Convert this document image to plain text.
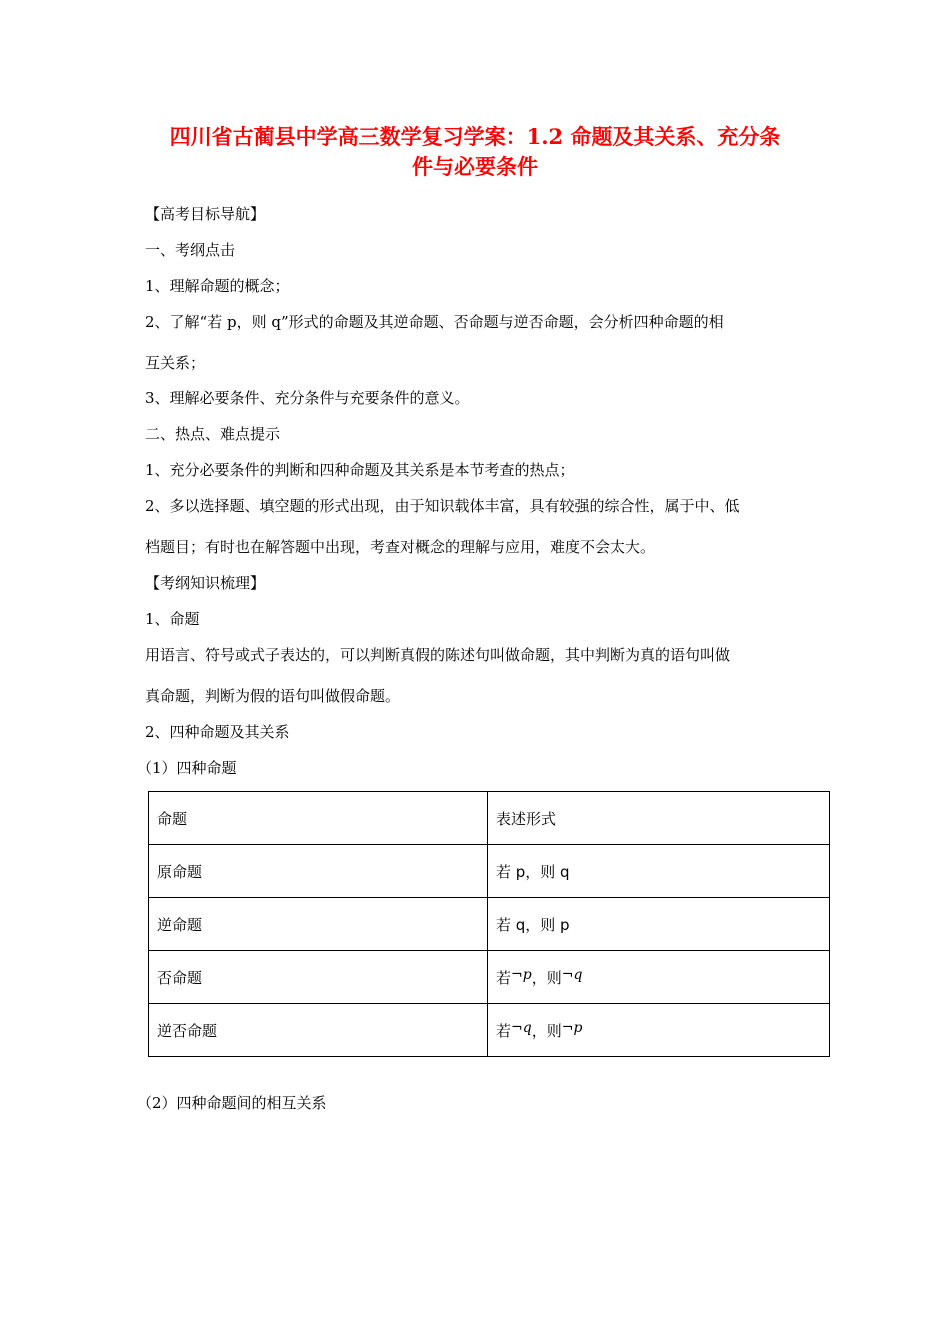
四川省古蔺县中学高三数学复习学案：1.2 命题及其关系、充分条
件与必要条件
【高考目标导航】
一、考纲点击
1、理解命题的概念；
2、了解“若 p，则 q”形式的命题及其逆命题、否命题与逆否命题，会分析四种命题的相
互关系；
3、理解必要条件、充分条件与充要条件的意义。
二、热点、难点提示
1、充分必要条件的判断和四种命题及其关系是本节考查的热点；
2、多以选择题、填空题的形式出现，由于知识载体丰富，具有较强的综合性，属于中、低
档题目；有时也在解答题中出现，考查对概念的理解与应用，难度不会太大。
【考纲知识梳理】
1、命题
用语言、符号或式子表达的，可以判断真假的陈述句叫做命题，其中判断为真的语句叫做
真命题，判断为假的语句叫做假命题。
2、四种命题及其关系
（1）四种命题
命题	表述形式
原命题	若 p，则 q
逆命题	若 q，则 p
否命题	若¬p，则¬q
逆否命题	若¬q，则¬p
（2）四种命题间的相互关系
